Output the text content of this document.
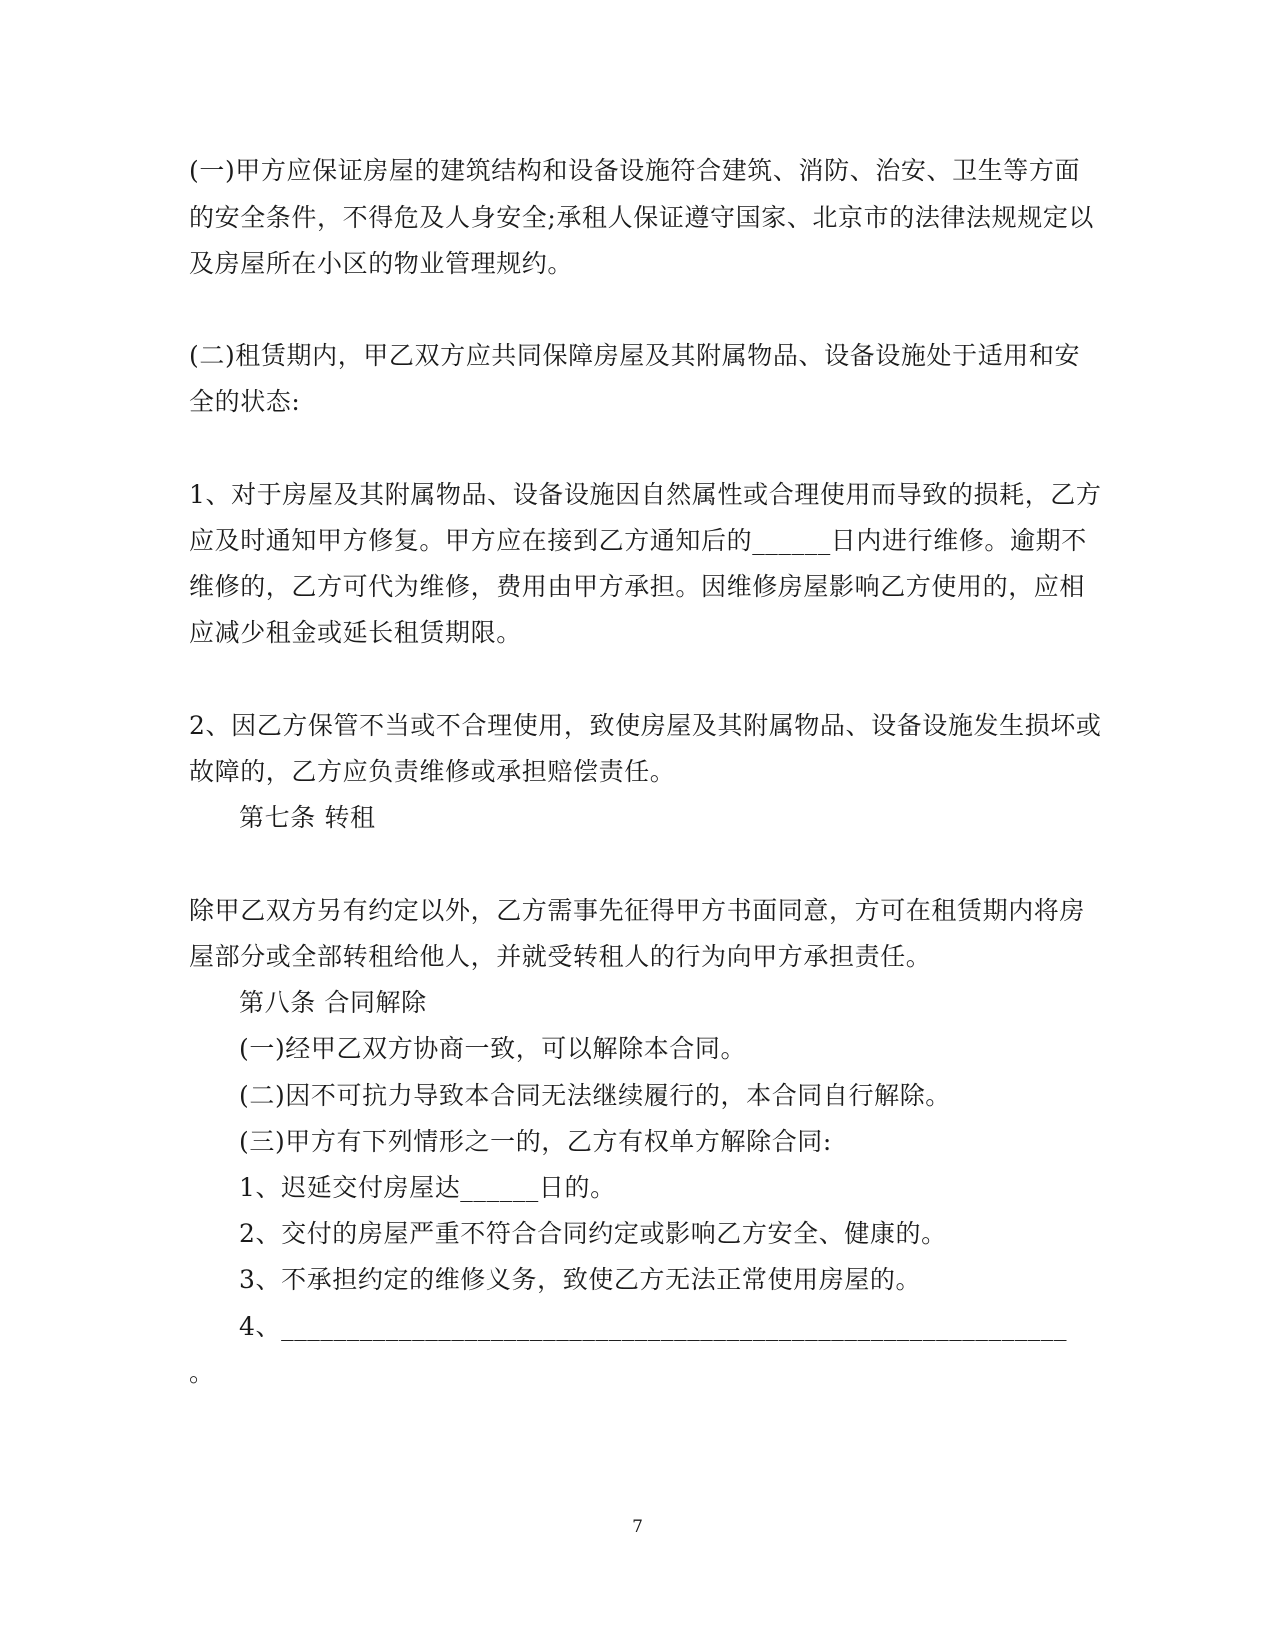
(一)甲方应保证房屋的建筑结构和设备设施符合建筑、消防、治安、卫生等方面

的安全条件，不得危及人身安全;承租人保证遵守国家、北京市的法律法规规定以

及房屋所在小区的物业管理规约。

(二)租赁期内，甲乙双方应共同保障房屋及其附属物品、设备设施处于适用和安

全的状态:

1、对于房屋及其附属物品、设备设施因自然属性或合理使用而导致的损耗，乙方

应及时通知甲方修复。甲方应在接到乙方通知后的______日内进行维修。逾期不

维修的，乙方可代为维修，费用由甲方承担。因维修房屋影响乙方使用的，应相

应减少租金或延长租赁期限。

2、因乙方保管不当或不合理使用，致使房屋及其附属物品、设备设施发生损坏或

故障的，乙方应负责维修或承担赔偿责任。

第七条 转租

除甲乙双方另有约定以外，乙方需事先征得甲方书面同意，方可在租赁期内将房

屋部分或全部转租给他人，并就受转租人的行为向甲方承担责任。

第八条 合同解除

(一)经甲乙双方协商一致，可以解除本合同。

(二)因不可抗力导致本合同无法继续履行的，本合同自行解除。

(三)甲方有下列情形之一的，乙方有权单方解除合同:

1、迟延交付房屋达______日的。

2、交付的房屋严重不符合合同约定或影响乙方安全、健康的。

3、不承担约定的维修义务，致使乙方无法正常使用房屋的。

4、____________________________________________________________

。

7
